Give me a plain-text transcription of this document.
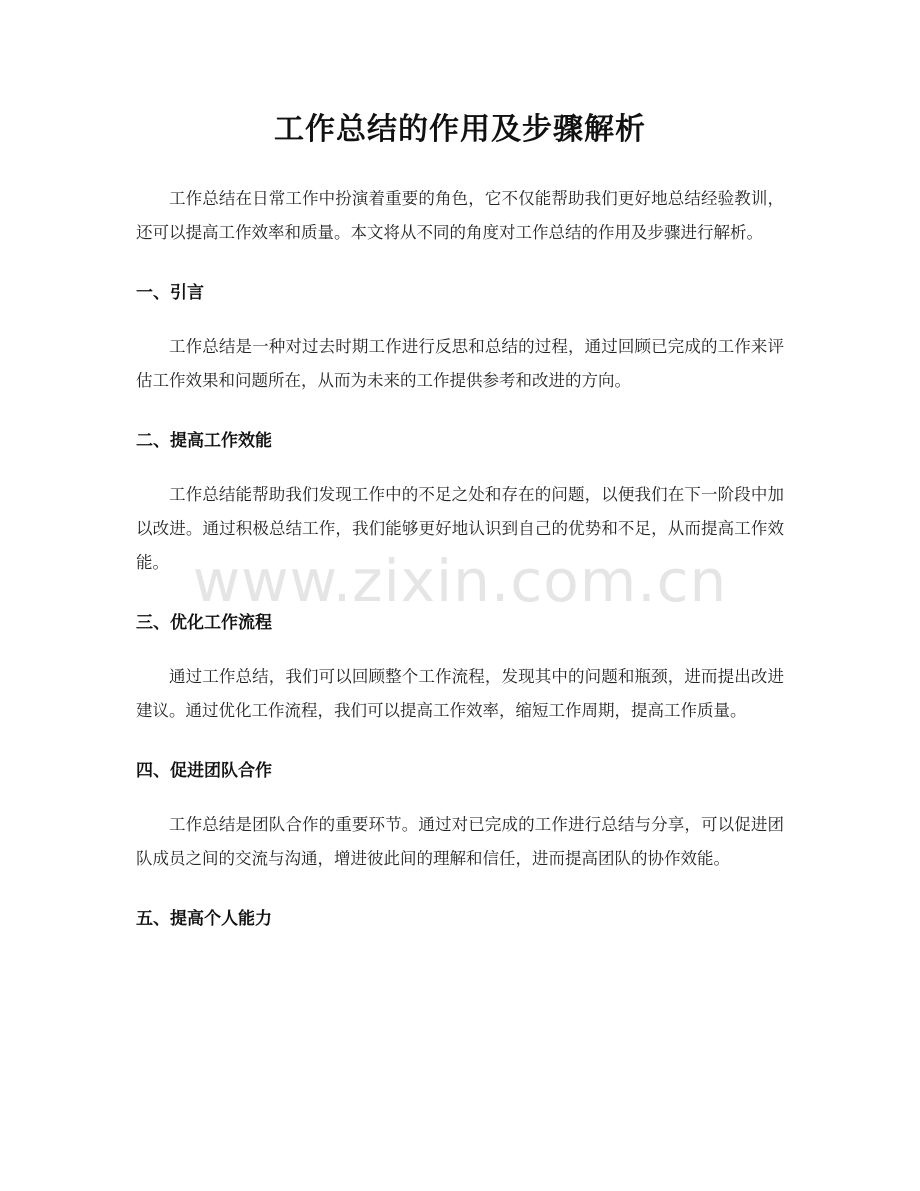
工作总结的作用及步骤解析

工作总结在日常工作中扮演着重要的角色，它不仅能帮助我们更好地总结经验教训，还可以提高工作效率和质量。本文将从不同的角度对工作总结的作用及步骤进行解析。

一、引言

工作总结是一种对过去时期工作进行反思和总结的过程，通过回顾已完成的工作来评估工作效果和问题所在，从而为未来的工作提供参考和改进的方向。

二、提高工作效能

工作总结能帮助我们发现工作中的不足之处和存在的问题，以便我们在下一阶段中加以改进。通过积极总结工作，我们能够更好地认识到自己的优势和不足，从而提高工作效能。

三、优化工作流程

通过工作总结，我们可以回顾整个工作流程，发现其中的问题和瓶颈，进而提出改进建议。通过优化工作流程，我们可以提高工作效率，缩短工作周期，提高工作质量。

四、促进团队合作

工作总结是团队合作的重要环节。通过对已完成的工作进行总结与分享，可以促进团队成员之间的交流与沟通，增进彼此间的理解和信任，进而提高团队的协作效能。

五、提高个人能力
www.zixin.com.cn
